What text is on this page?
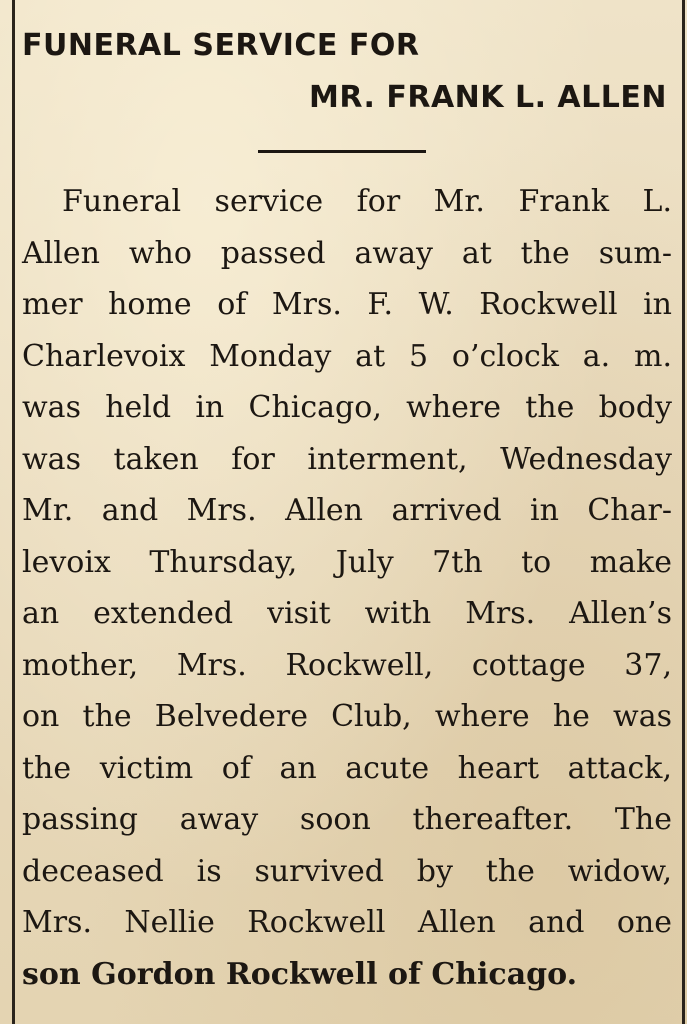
FUNERAL SERVICE FOR
MR. FRANK L. ALLEN
Funeral service for Mr. Frank L.
Allen who passed away at the sum-
mer home of Mrs. F. W. Rockwell in
Charlevoix Monday at 5 o’clock a. m.
was held in Chicago, where the body
was taken for interment, Wednesday
Mr. and Mrs. Allen arrived in Char-
levoix Thursday, July 7th to make
an extended visit with Mrs. Allen’s
mother, Mrs. Rockwell, cottage 37,
on the Belvedere Club, where he was
the victim of an acute heart attack,
passing away soon thereafter. The
deceased is survived by the widow,
Mrs. Nellie Rockwell Allen and one
son Gordon Rockwell of Chicago.
